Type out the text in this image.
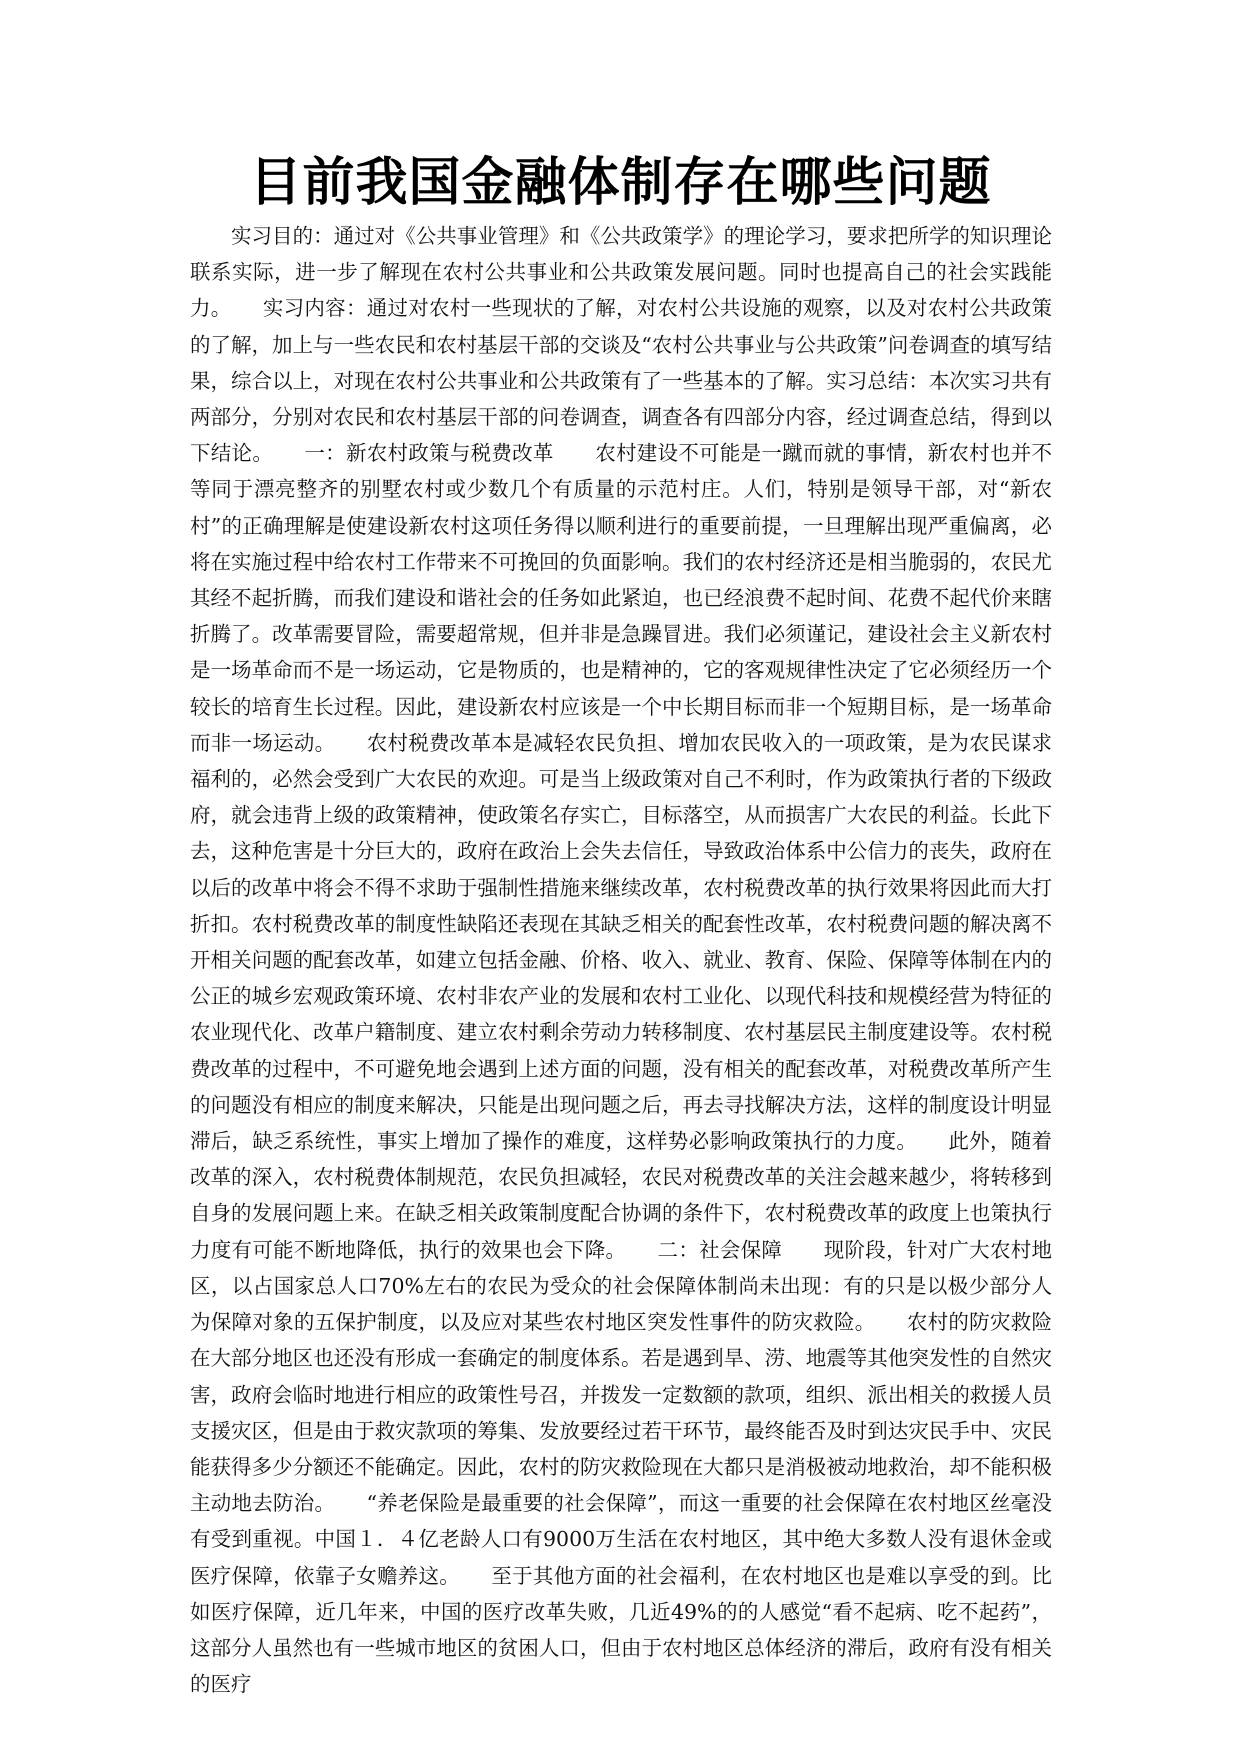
目前我国金融体制存在哪些问题

实习目的：通过对《公共事业管理》和《公共政策学》的理论学习，要求把所学的知识理论联系实际，进一步了解现在农村公共事业和公共政策发展问题。同时也提高自己的社会实践能力。　　实习内容：通过对农村一些现状的了解，对农村公共设施的观察，以及对农村公共政策的了解，加上与一些农民和农村基层干部的交谈及“农村公共事业与公共政策”问卷调查的填写结果，综合以上，对现在农村公共事业和公共政策有了一些基本的了解。实习总结：本次实习共有两部分，分别对农民和农村基层干部的问卷调查，调查各有四部分内容，经过调查总结，得到以下结论。　　一：新农村政策与税费改革　　农村建设不可能是一蹴而就的事情，新农村也并不等同于漂亮整齐的别墅农村或少数几个有质量的示范村庄。人们，特别是领导干部，对“新农村”的正确理解是使建设新农村这项任务得以顺利进行的重要前提，一旦理解出现严重偏离，必将在实施过程中给农村工作带来不可挽回的负面影响。我们的农村经济还是相当脆弱的，农民尤其经不起折腾，而我们建设和谐社会的任务如此紧迫，也已经浪费不起时间、花费不起代价来瞎折腾了。改革需要冒险，需要超常规，但并非是急躁冒进。我们必须谨记，建设社会主义新农村是一场革命而不是一场运动，它是物质的，也是精神的，它的客观规律性决定了它必须经历一个较长的培育生长过程。因此，建设新农村应该是一个中长期目标而非一个短期目标，是一场革命而非一场运动。　　农村税费改革本是减轻农民负担、增加农民收入的一项政策，是为农民谋求福利的，必然会受到广大农民的欢迎。可是当上级政策对自己不利时，作为政策执行者的下级政府，就会违背上级的政策精神，使政策名存实亡，目标落空，从而损害广大农民的利益。长此下去，这种危害是十分巨大的，政府在政治上会失去信任，导致政治体系中公信力的丧失，政府在以后的改革中将会不得不求助于强制性措施来继续改革，农村税费改革的执行效果将因此而大打折扣。农村税费改革的制度性缺陷还表现在其缺乏相关的配套性改革，农村税费问题的解决离不开相关问题的配套改革，如建立包括金融、价格、收入、就业、教育、保险、保障等体制在内的公正的城乡宏观政策环境、农村非农产业的发展和农村工业化、以现代科技和规模经营为特征的农业现代化、改革户籍制度、建立农村剩余劳动力转移制度、农村基层民主制度建设等。农村税费改革的过程中，不可避免地会遇到上述方面的问题，没有相关的配套改革，对税费改革所产生的问题没有相应的制度来解决，只能是出现问题之后，再去寻找解决方法，这样的制度设计明显滞后，缺乏系统性，事实上增加了操作的难度，这样势必影响政策执行的力度。　　此外，随着改革的深入，农村税费体制规范，农民负担减轻，农民对税费改革的关注会越来越少，将转移到自身的发展问题上来。在缺乏相关政策制度配合协调的条件下，农村税费改革的政度上也策执行力度有可能不断地降低，执行的效果也会下降。　　二：社会保障　　现阶段，针对广大农村地区，以占国家总人口70%左右的农民为受众的社会保障体制尚未出现：有的只是以极少部分人为保障对象的五保护制度，以及应对某些农村地区突发性事件的防灾救险。　　农村的防灾救险在大部分地区也还没有形成一套确定的制度体系。若是遇到旱、涝、地震等其他突发性的自然灾害，政府会临时地进行相应的政策性号召，并拨发一定数额的款项，组织、派出相关的救援人员支援灾区，但是由于救灾款项的筹集、发放要经过若干环节，最终能否及时到达灾民手中、灾民能获得多少分额还不能确定。因此，农村的防灾救险现在大都只是消极被动地救治，却不能积极主动地去防治。　　“养老保险是最重要的社会保障”，而这一重要的社会保障在农村地区丝毫没有受到重视。中国１．４亿老龄人口有9000万生活在农村地区，其中绝大多数人没有退休金或医疗保障，依靠子女赡养这。　　至于其他方面的社会福利，在农村地区也是难以享受的到。比如医疗保障，近几年来，中国的医疗改革失败，几近49%的的人感觉“看不起病、吃不起药”，这部分人虽然也有一些城市地区的贫困人口，但由于农村地区总体经济的滞后，政府有没有相关的医疗
